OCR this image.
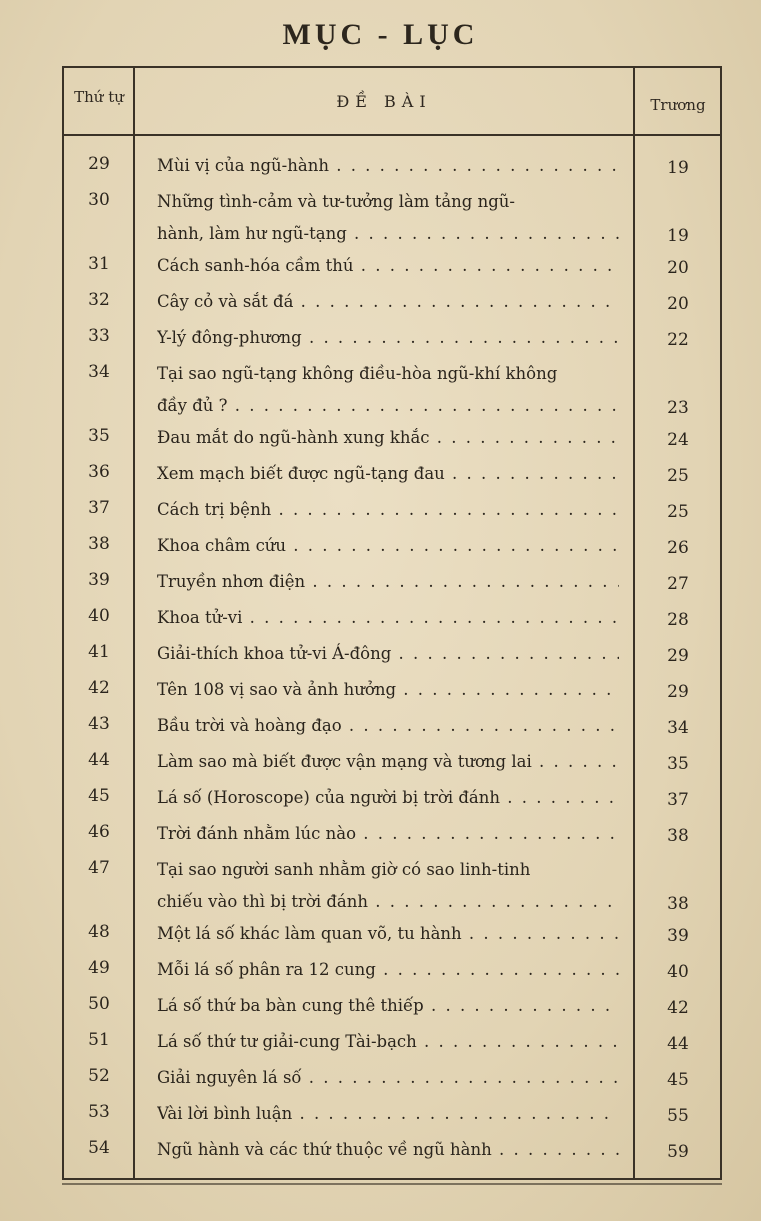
MỤC - LỤC
Thứ tự	ĐỀ BÀI	Trương
29	Mùi vị của ngũ-hành . . .	19
30	Những tình-cảm và tư-tưởng làm tảng ngũ-
hành, làm hư ngũ-tạng . . .	19
31	Cách sanh-hóa cầm thú . . .	20
32	Cây cỏ và sắt đá . . .	20
33	Y-lý đông-phương . . .	22
34	Tại sao ngũ-tạng không điều-hòa ngũ-khí không
đầy đủ ? . . .	23
35	Đau mắt do ngũ-hành xung khắc . . .	24
36	Xem mạch biết được ngũ-tạng đau . . .	25
37	Cách trị bệnh . . .	25
38	Khoa châm cứu . . .	26
39	Truyền nhơn điện . . .	27
40	Khoa tử-vi . . .	28
41	Giải-thích khoa tử-vi Á-đông . . .	29
42	Tên 108 vị sao và ảnh hưởng . . .	29
43	Bầu trời và hoàng đạo . . .	34
44	Làm sao mà biết được vận mạng và tương lai . . .	35
45	Lá số (Horoscope) của người bị trời đánh . . .	37
46	Trời đánh nhằm lúc nào . . .	38
47	Tại sao người sanh nhằm giờ có sao linh-tinh
chiếu vào thì bị trời đánh . . .	38
48	Một lá số khác làm quan võ, tu hành . . .	39
49	Mỗi lá số phân ra 12 cung . . .	40
50	Lá số thứ ba bàn cung thê thiếp . . .	42
51	Lá số thứ tư giải-cung Tài-bạch . . .	44
52	Giải nguyên lá số . . .	45
53	Vài lời bình luận . . .	55
54	Ngũ hành và các thứ thuộc về ngũ hành . . .	59
